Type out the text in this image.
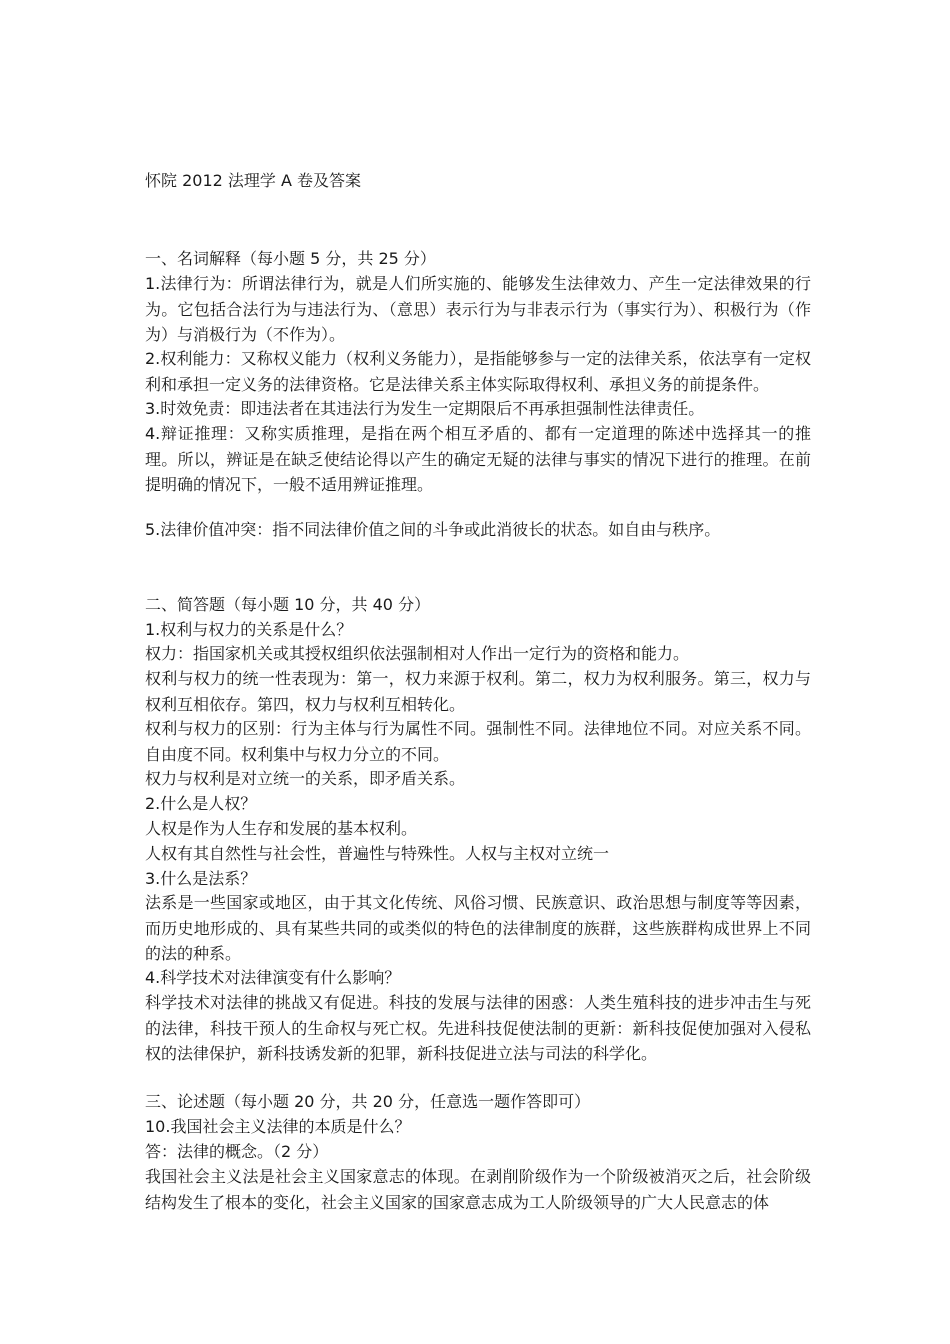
怀院 2012 法理学 A 卷及答案
一、名词解释（每小题 5 分，共 25 分）
1.法律行为：所谓法律行为，就是人们所实施的、能够发生法律效力、产生一定法律效果的行为。它包括合法行为与违法行为、（意思）表示行为与非表示行为（事实行为）、积极行为（作为）与消极行为（不作为）。
2.权利能力：又称权义能力（权利义务能力），是指能够参与一定的法律关系，依法享有一定权利和承担一定义务的法律资格。它是法律关系主体实际取得权利、承担义务的前提条件。
3.时效免责：即违法者在其违法行为发生一定期限后不再承担强制性法律责任。
4.辩证推理：又称实质推理，是指在两个相互矛盾的、都有一定道理的陈述中选择其一的推理。所以，辨证是在缺乏使结论得以产生的确定无疑的法律与事实的情况下进行的推理。在前提明确的情况下，一般不适用辨证推理。
5.法律价值冲突：指不同法律价值之间的斗争或此消彼长的状态。如自由与秩序。
二、简答题（每小题 10 分，共 40 分）
1.权利与权力的关系是什么？
权力：指国家机关或其授权组织依法强制相对人作出一定行为的资格和能力。
权利与权力的统一性表现为：第一，权力来源于权利。第二，权力为权利服务。第三，权力与权利互相依存。第四，权力与权利互相转化。
权利与权力的区别：行为主体与行为属性不同。强制性不同。法律地位不同。对应关系不同。自由度不同。权利集中与权力分立的不同。
权力与权利是对立统一的关系，即矛盾关系。
2.什么是人权？
人权是作为人生存和发展的基本权利。
人权有其自然性与社会性，普遍性与特殊性。人权与主权对立统一
3.什么是法系？
法系是一些国家或地区，由于其文化传统、风俗习惯、民族意识、政治思想与制度等等因素，而历史地形成的、具有某些共同的或类似的特色的法律制度的族群，这些族群构成世界上不同的法的种系。
4.科学技术对法律演变有什么影响？
科学技术对法律的挑战又有促进。科技的发展与法律的困惑：人类生殖科技的进步冲击生与死的法律，科技干预人的生命权与死亡权。先进科技促使法制的更新：新科技促使加强对入侵私权的法律保护，新科技诱发新的犯罪，新科技促进立法与司法的科学化。
三、论述题（每小题 20 分，共 20 分，任意选一题作答即可）
10.我国社会主义法律的本质是什么？
答：法律的概念。（2 分）
我国社会主义法是社会主义国家意志的体现。在剥削阶级作为一个阶级被消灭之后，社会阶级结构发生了根本的变化，社会主义国家的国家意志成为工人阶级领导的广大人民意志的体
